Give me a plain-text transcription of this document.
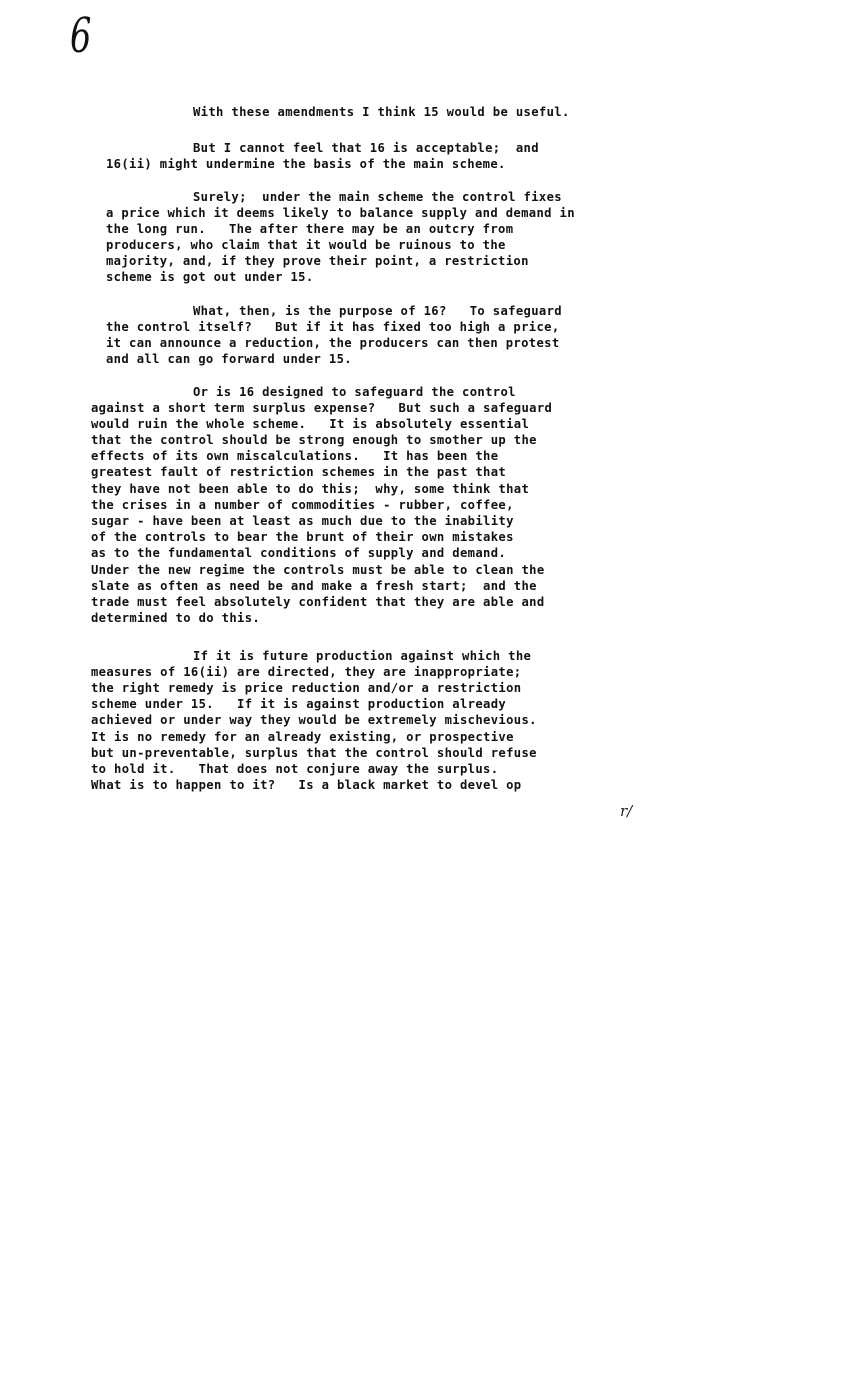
6
With these amendments I think 15 would be useful.
But I cannot feel that 16 is acceptable;  and
16(ii) might undermine the basis of the main scheme.
Surely;  under the main scheme the control fixes
a price which it deems likely to balance supply and demand in
the long run.   The after there may be an outcry from
producers, who claim that it would be ruinous to the
majority, and, if they prove their point, a restriction
scheme is got out under 15.
What, then, is the purpose of 16?   To safeguard
the control itself?   But if it has fixed too high a price,
it can announce a reduction, the producers can then protest
and all can go forward under 15.
Or is 16 designed to safeguard the control
against a short term surplus expense?   But such a safeguard
would ruin the whole scheme.   It is absolutely essential
that the control should be strong enough to smother up the
effects of its own miscalculations.   It has been the
greatest fault of restriction schemes in the past that
they have not been able to do this;  why, some think that
the crises in a number of commodities - rubber, coffee,
sugar - have been at least as much due to the inability
of the controls to bear the brunt of their own mistakes
as to the fundamental conditions of supply and demand.
Under the new regime the controls must be able to clean the
slate as often as need be and make a fresh start;  and the
trade must feel absolutely confident that they are able and
determined to do this.
If it is future production against which the
measures of 16(ii) are directed, they are inappropriate;
the right remedy is price reduction and/or a restriction
scheme under 15.   If it is against production already
achieved or under way they would be extremely mischevious.
It is no remedy for an already existing, or prospective
but un-preventable, surplus that the control should refuse
to hold it.   That does not conjure away the surplus.
What is to happen to it?   Is a black market to devel op
r/
